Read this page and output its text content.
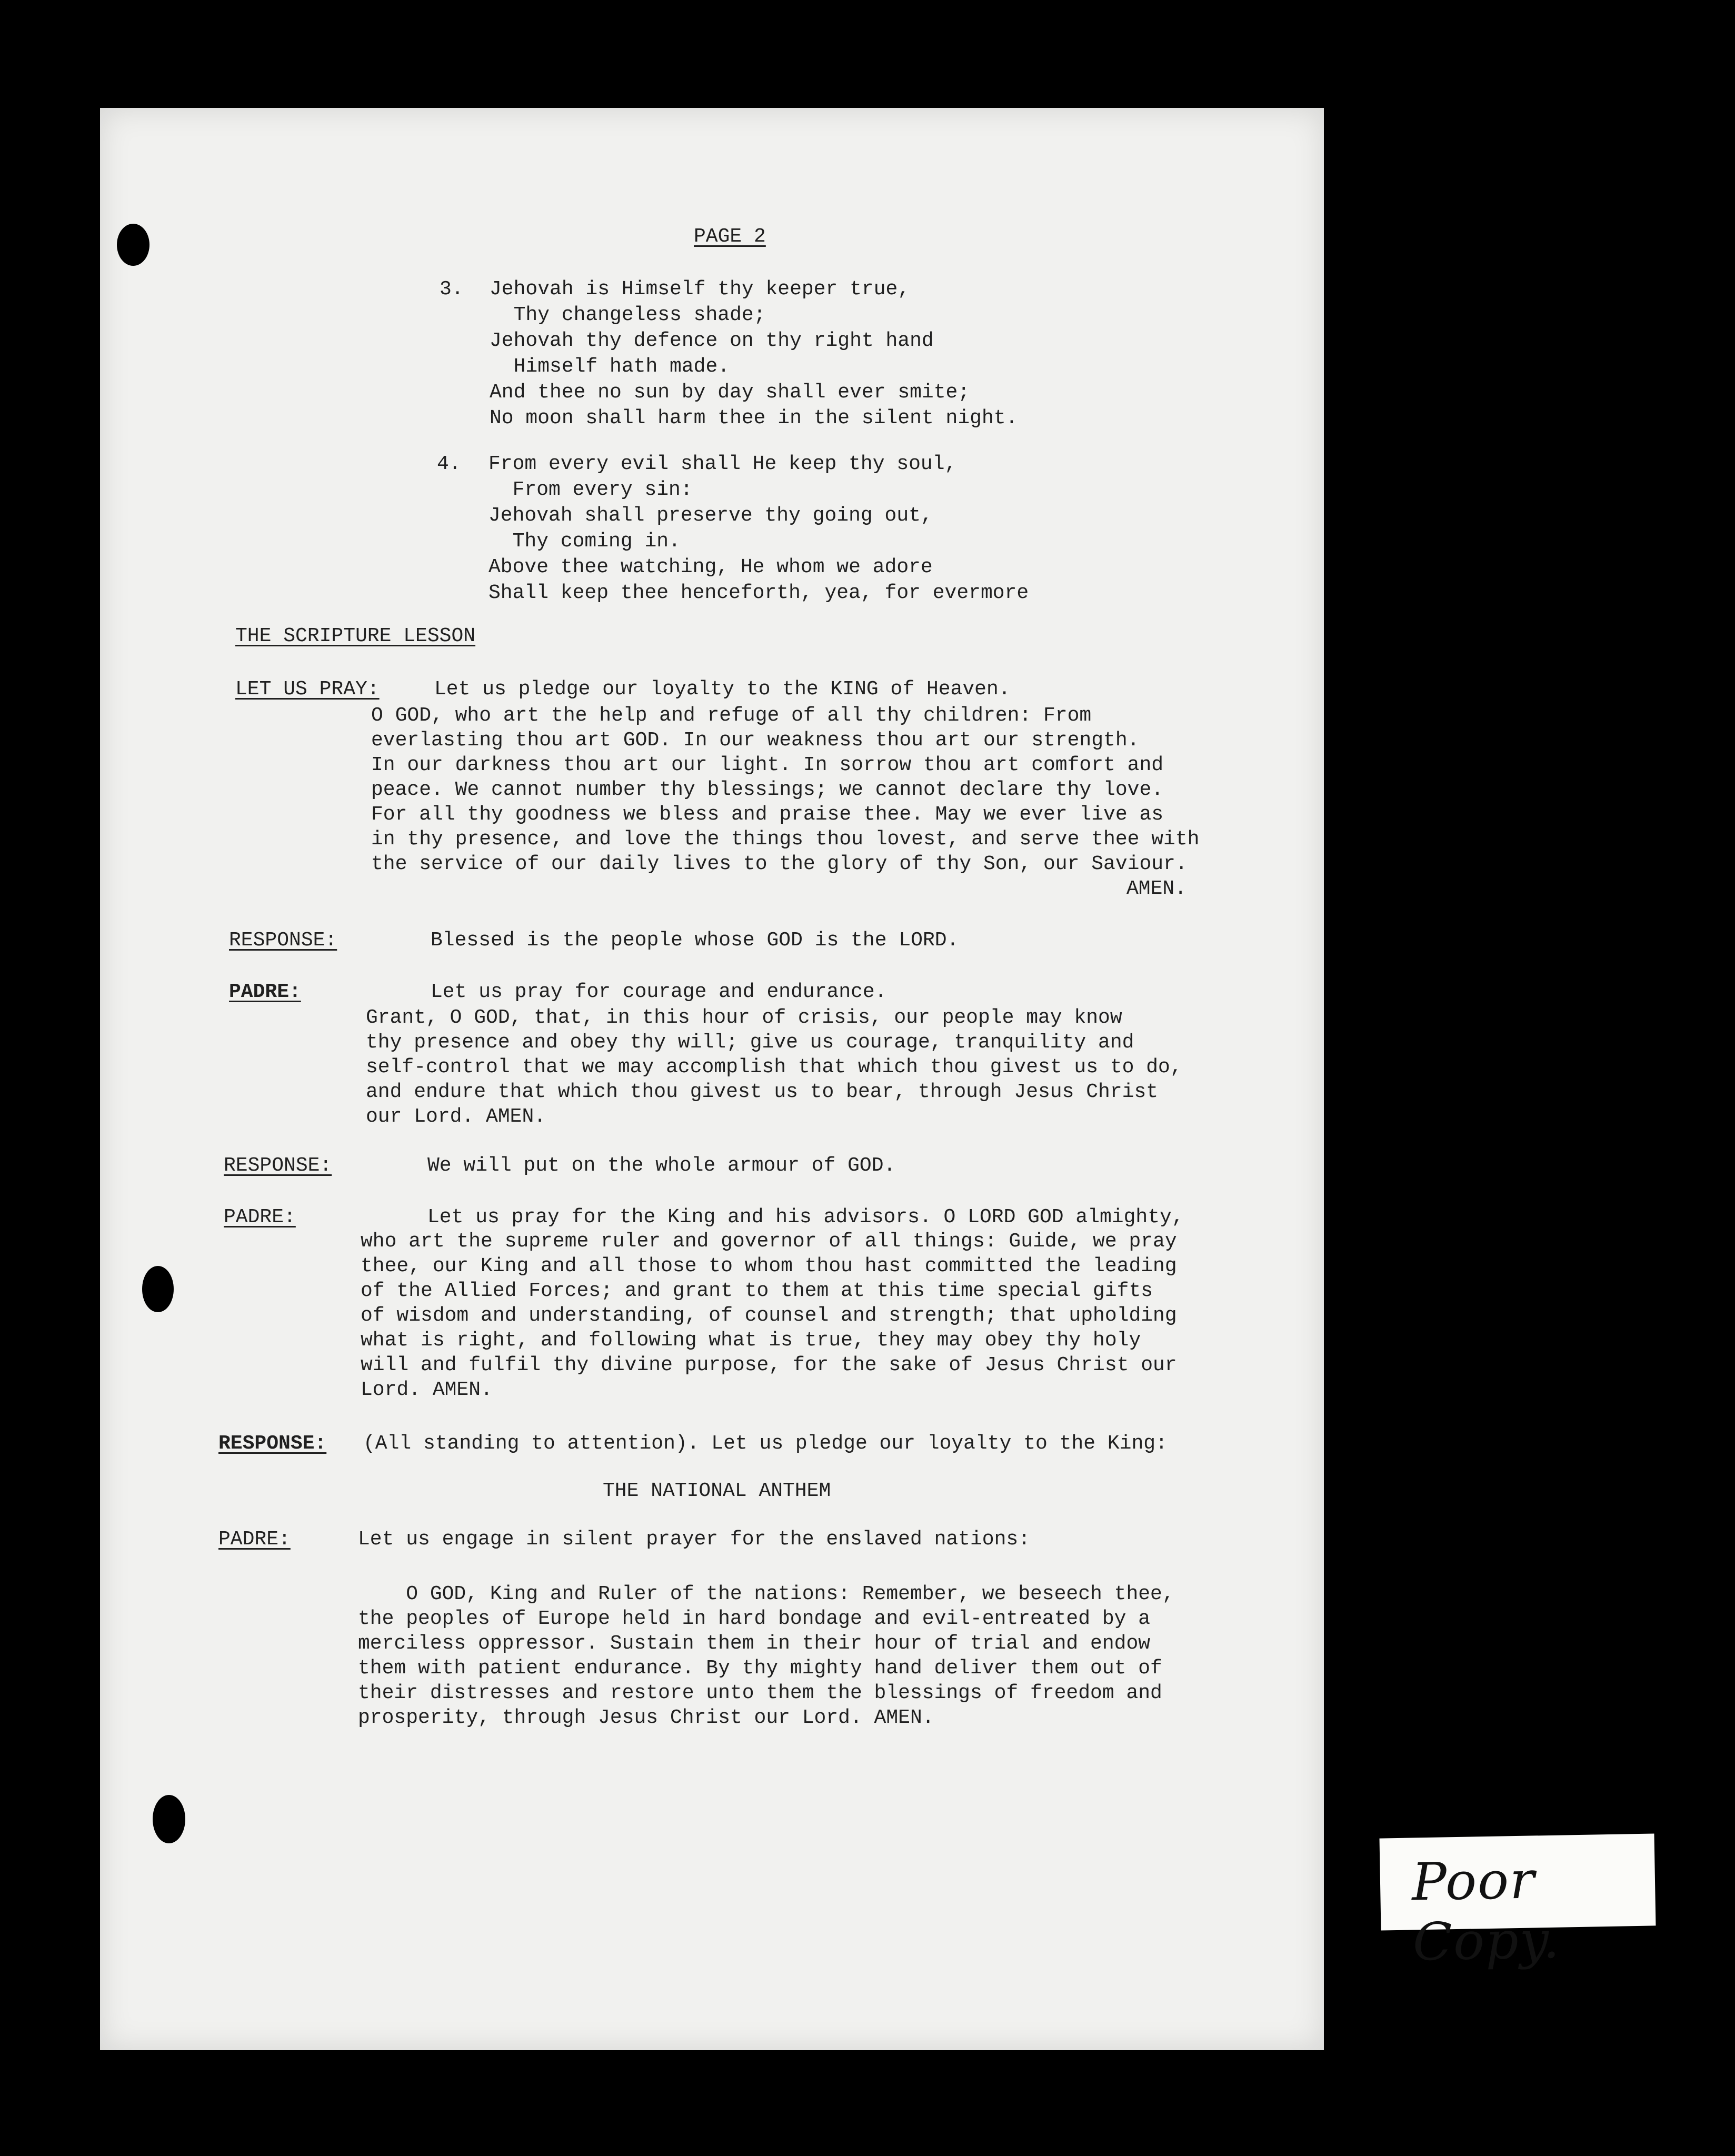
PAGE 2
3. Jehovah is Himself thy keeper true,
Thy changeless shade;
Jehovah thy defence on thy right hand
Himself hath made.
And thee no sun by day shall ever smite;
No moon shall harm thee in the silent night.
4. From every evil shall He keep thy soul,
From every sin:
Jehovah shall preserve thy going out,
Thy coming in.
Above thee watching, He whom we adore
Shall keep thee henceforth, yea, for evermore
THE SCRIPTURE LESSON
LET US PRAY:	Let us pledge our loyalty to the KING of Heaven.
O GOD, who art the help and refuge of all thy children: From
everlasting thou art GOD. In our weakness thou art our strength.
In our darkness thou art our light. In sorrow thou art comfort and
peace. We cannot number thy blessings; we cannot declare thy love.
For all thy goodness we bless and praise thee. May we ever live as
in thy presence, and love the things thou lovest, and serve thee with
the service of our daily lives to the glory of thy Son, our Saviour.
AMEN.
RESPONSE:	Blessed is the people whose GOD is the LORD.
PADRE:	Let us pray for courage and endurance.
Grant, O GOD, that, in this hour of crisis, our people may know
thy presence and obey thy will; give us courage, tranquility and
self-control that we may accomplish that which thou givest us to do,
and endure that which thou givest us to bear, through Jesus Christ
our Lord. AMEN.
RESPONSE:	We will put on the whole armour of GOD.
PADRE:	Let us pray for the King and his advisors. O LORD GOD almighty,
who art the supreme ruler and governor of all things: Guide, we pray
thee, our King and all those to whom thou hast committed the leading
of the Allied Forces; and grant to them at this time special gifts
of wisdom and understanding, of counsel and strength; that upholding
what is right, and following what is true, they may obey thy holy
will and fulfil thy divine purpose, for the sake of Jesus Christ our
Lord. AMEN.
RESPONSE: (All standing to attention). Let us pledge our loyalty to the King:
THE NATIONAL ANTHEM
PADRE:	Let us engage in silent prayer for the enslaved nations:
O GOD, King and Ruler of the nations: Remember, we beseech thee,
the peoples of Europe held in hard bondage and evil-entreated by a
merciless oppressor. Sustain them in their hour of trial and endow
them with patient endurance. By thy mighty hand deliver them out of
their distresses and restore unto them the blessings of freedom and
prosperity, through Jesus Christ our Lord. AMEN.
Poor Copy.
